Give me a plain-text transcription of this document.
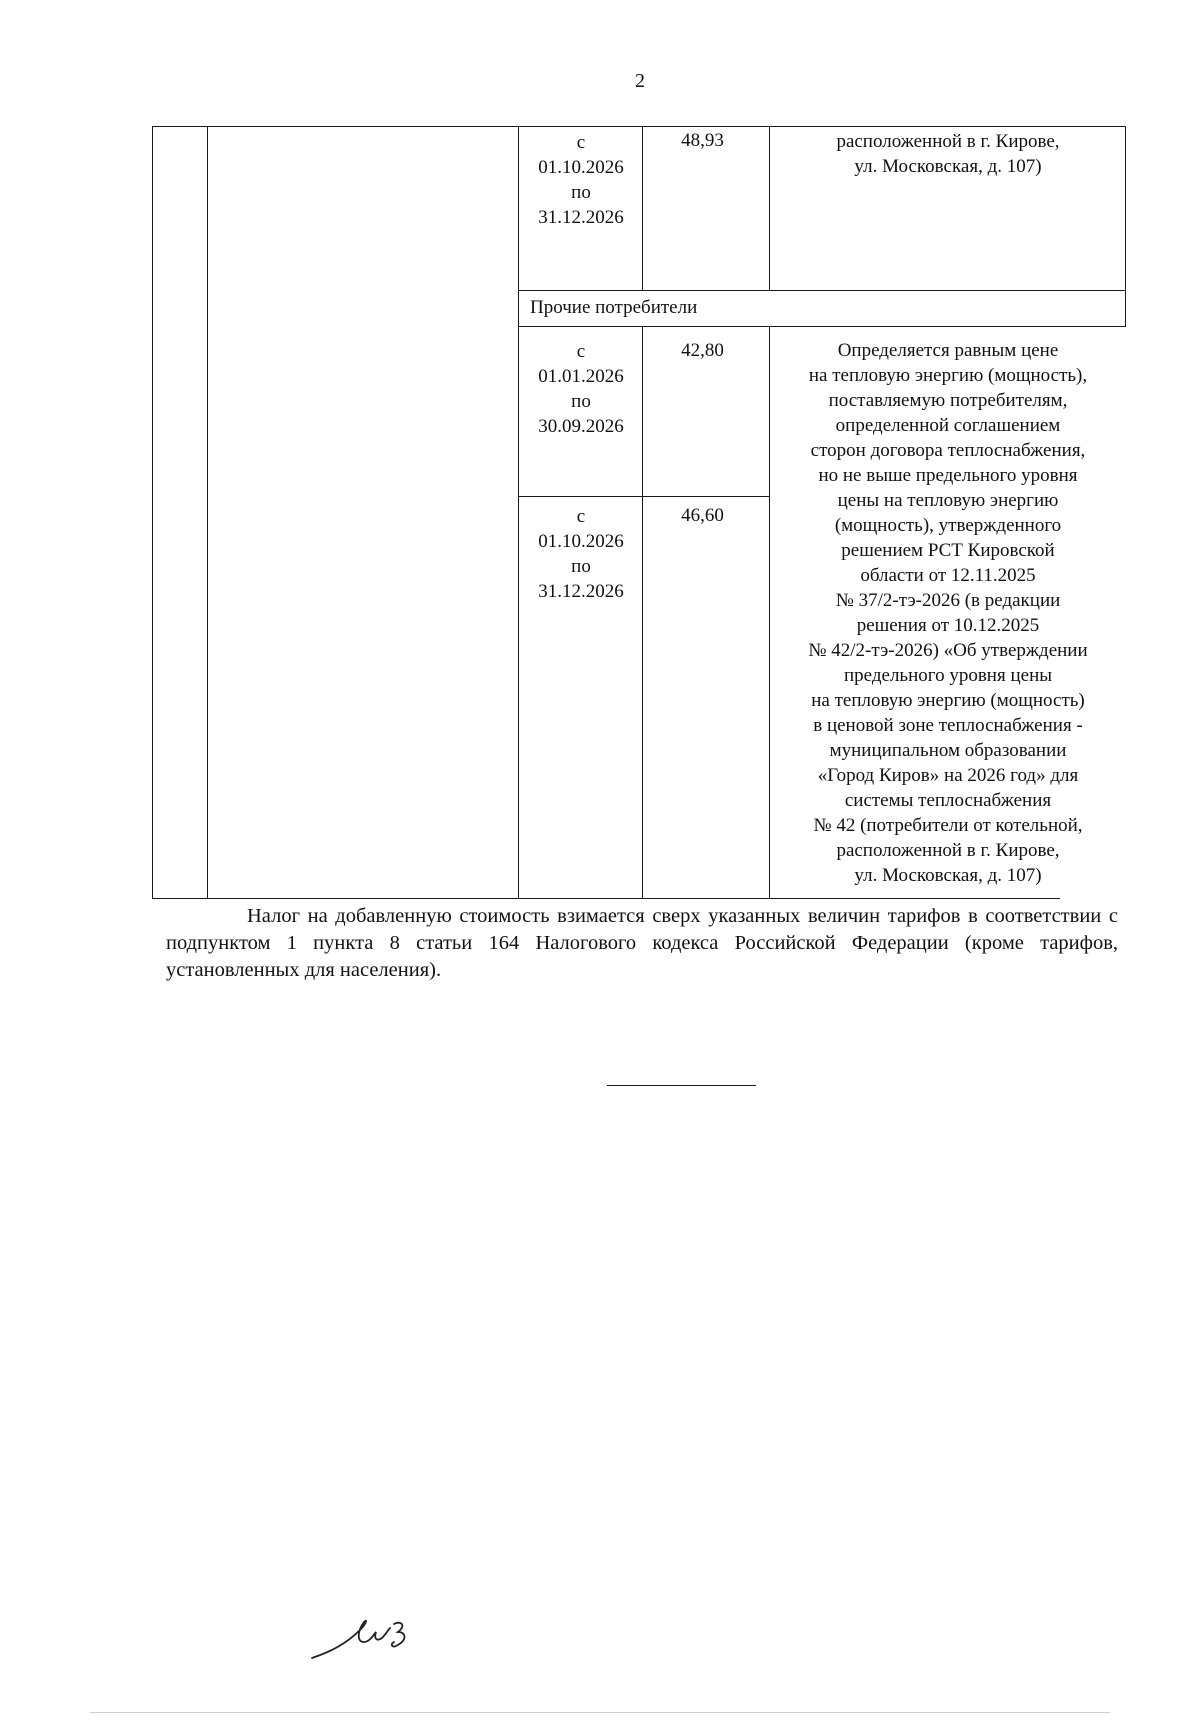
2
с
01.10.2026
по
31.12.2026
48,93	расположенной в г. Кирове,
ул. Московская, д. 107)
Прочие потребители
с
01.01.2026
по
30.09.2026
42,80
с
01.10.2026
по
31.12.2026
46,60
Определяется равным цене
на тепловую энергию (мощность),
поставляемую потребителям,
определенной соглашением
сторон договора теплоснабжения,
но не выше предельного уровня
цены на тепловую энергию
(мощность), утвержденного
решением РСТ Кировской
области от 12.11.2025
№ 37/2-тэ-2026 (в редакции
решения от 10.12.2025
№ 42/2-тэ-2026) «Об утверждении
предельного уровня цены
на тепловую энергию (мощность)
в ценовой зоне теплоснабжения -
муниципальном образовании
«Город Киров» на 2026 год» для
системы теплоснабжения
№ 42 (потребители от котельной,
расположенной в г. Кирове,
ул. Московская, д. 107)

Налог на добавленную стоимость взимается сверх указанных величин тарифов в соответствии с подпунктом 1 пункта 8 статьи 164 Налогового кодекса Российской Федерации (кроме тарифов, установленных для населения).
